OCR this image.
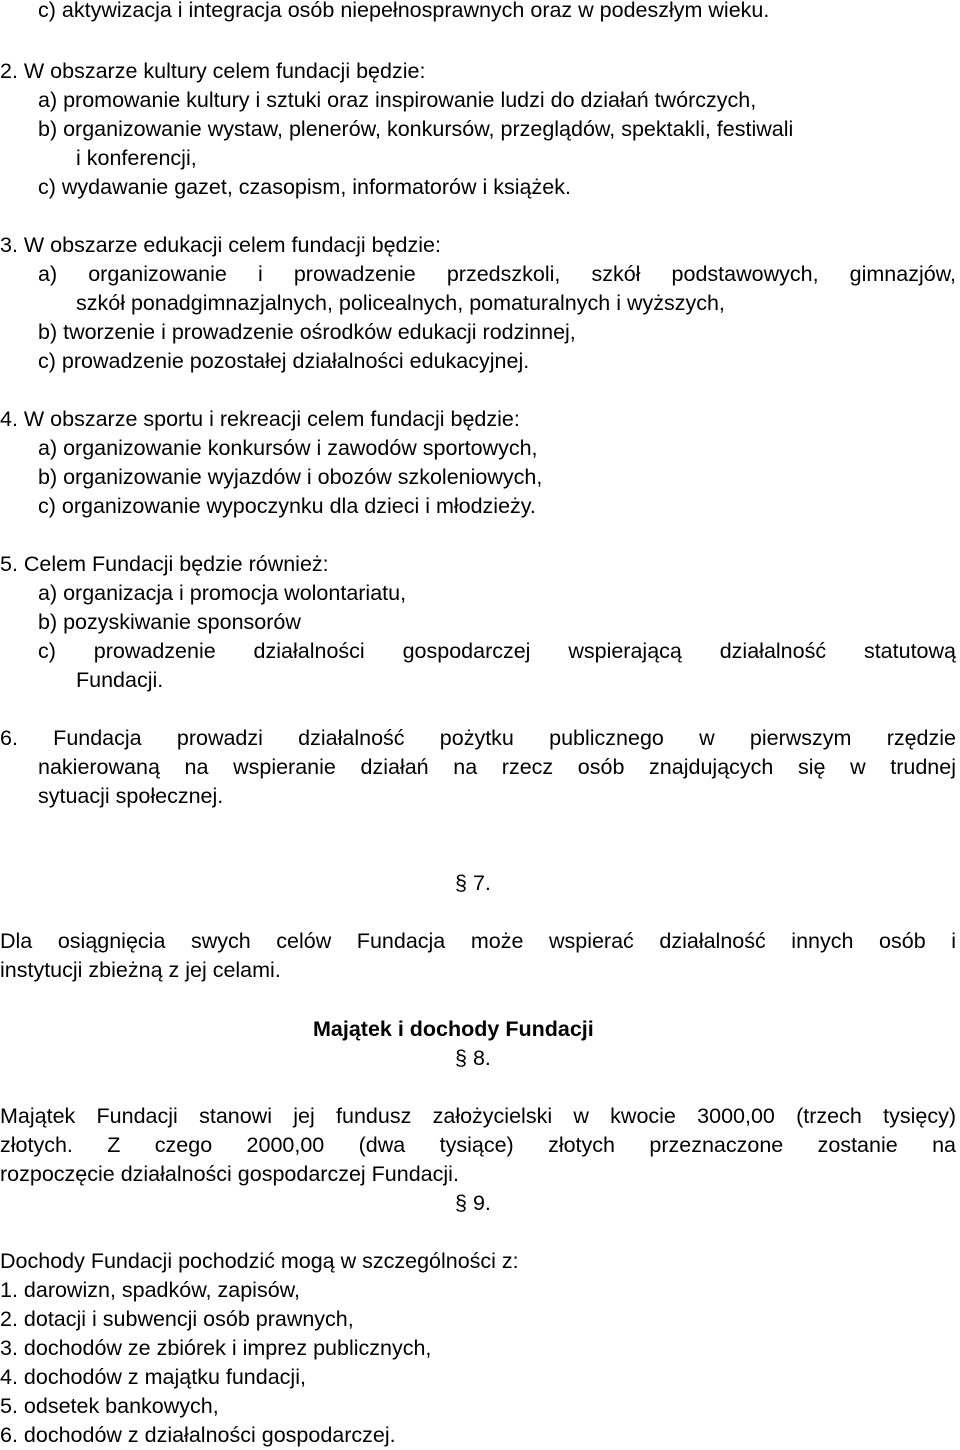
c) aktywizacja i integracja osób niepełnosprawnych oraz w podeszłym wieku.
2. W obszarze kultury celem fundacji będzie:
a) promowanie kultury i sztuki oraz inspirowanie ludzi do działań twórczych,
b) organizowanie wystaw, plenerów, konkursów, przeglądów, spektakli, festiwali
i konferencji,
c) wydawanie gazet, czasopism, informatorów i książek.
3. W obszarze edukacji celem fundacji będzie:
a) organizowanie i prowadzenie przedszkoli, szkół podstawowych, gimnazjów,
szkół ponadgimnazjalnych, policealnych, pomaturalnych i wyższych,
b) tworzenie i prowadzenie ośrodków edukacji rodzinnej,
c) prowadzenie pozostałej działalności edukacyjnej.
4. W obszarze sportu i rekreacji celem fundacji będzie:
a) organizowanie konkursów i zawodów sportowych,
b) organizowanie wyjazdów i obozów szkoleniowych,
c) organizowanie wypoczynku dla dzieci i młodzieży.
5. Celem Fundacji będzie również:
a) organizacja i promocja wolontariatu,
b) pozyskiwanie sponsorów
c) prowadzenie działalności gospodarczej wspierającą działalność statutową
Fundacji.
6. Fundacja prowadzi działalność pożytku publicznego w pierwszym rzędzie
nakierowaną na wspieranie działań na rzecz osób znajdujących się w trudnej
sytuacji społecznej.
§ 7.
Dla osiągnięcia swych celów Fundacja może wspierać działalność innych osób i
instytucji zbieżną z jej celami.
Majątek i dochody Fundacji
§ 8.
Majątek Fundacji stanowi jej fundusz założycielski w kwocie 3000,00 (trzech tysięcy)
złotych. Z czego 2000,00 (dwa tysiące) złotych przeznaczone zostanie na
rozpoczęcie działalności gospodarczej Fundacji.
§ 9.
Dochody Fundacji pochodzić mogą w szczególności z:
1. darowizn, spadków, zapisów,
2. dotacji i subwencji osób prawnych,
3. dochodów ze zbiórek i imprez publicznych,
4. dochodów z majątku fundacji,
5. odsetek bankowych,
6. dochodów z działalności gospodarczej.
